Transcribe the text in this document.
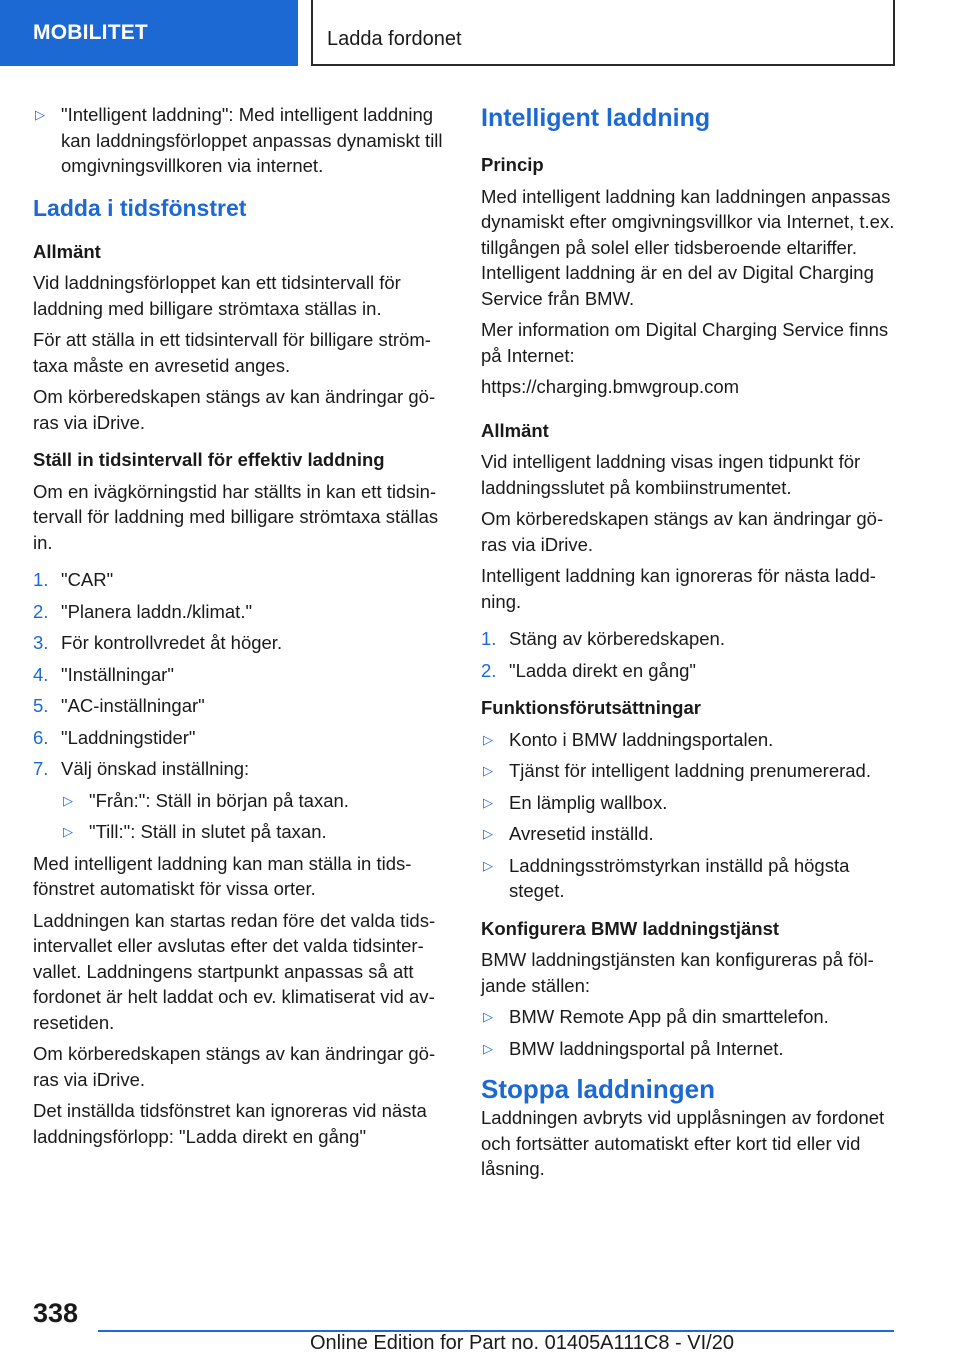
MOBILITET	Ladda fordonet
▷ "Intelligent laddning": Med intelligent laddning kan laddningsförloppet anpassas dynamiskt till omgivningsvillkoren via internet.
Ladda i tidsfönstret
Allmänt

Vid laddningsförloppet kan ett tidsintervall för laddning med billigare strömtaxa ställas in.

För att ställa in ett tidsintervall för billigare strömtaxa måste en avresetid anges.

Om körberedskapen stängs av kan ändringar göras via iDrive.

Ställ in tidsintervall för effektiv laddning

Om en ivägkörningstid har ställts in kan ett tidsintervall för laddning med billigare strömtaxa ställas in.

1. "CAR"
2. "Planera laddn./klimat."
3. För kontrollvredet åt höger.
4. "Inställningar"
5. "AC-inställningar"
6. "Laddningstider"
7. Välj önskad inställning:
▷ "Från:": Ställ in början på taxan.
▷ "Till:": Ställ in slutet på taxan.

Med intelligent laddning kan man ställa in tidsfönstret automatiskt för vissa orter.

Laddningen kan startas redan före det valda tidsintervallet eller avslutas efter det valda tidsintervallet. Laddningens startpunkt anpassas så att fordonet är helt laddat och ev. klimatiserat vid avresetiden.

Om körberedskapen stängs av kan ändringar göras via iDrive.

Det inställda tidsfönstret kan ignoreras vid nästa laddningsförlopp: "Ladda direkt en gång"

Intelligent laddning
Princip

Med intelligent laddning kan laddningen anpassas dynamiskt efter omgivningsvillkor via Internet, t.ex. tillgången på solel eller tidsberoende eltariffer. Intelligent laddning är en del av Digital Charging Service från BMW.

Mer information om Digital Charging Service finns på Internet:

https://charging.bmwgroup.com

Allmänt

Vid intelligent laddning visas ingen tidpunkt för laddningsslutet på kombiinstrumentet.

Om körberedskapen stängs av kan ändringar göras via iDrive.

Intelligent laddning kan ignoreras för nästa laddning.

1. Stäng av körberedskapen.
2. "Ladda direkt en gång"
Funktionsförutsättningar
▷ Konto i BMW laddningsportalen.
▷ Tjänst för intelligent laddning prenumererad.
▷ En lämplig wallbox.
▷ Avresetid inställd.
▷ Laddningsströmstyrkan inställd på högsta steget.
Konfigurera BMW laddningstjänst

BMW laddningstjänsten kan konfigureras på följande ställen:

▷ BMW Remote App på din smarttelefon.
▷ BMW laddningsportal på Internet.
Stoppa laddningen

Laddningen avbryts vid upplåsningen av fordonet och fortsätter automatiskt efter kort tid eller vid låsning.

338
Online Edition for Part no. 01405A111C8 - VI/20
